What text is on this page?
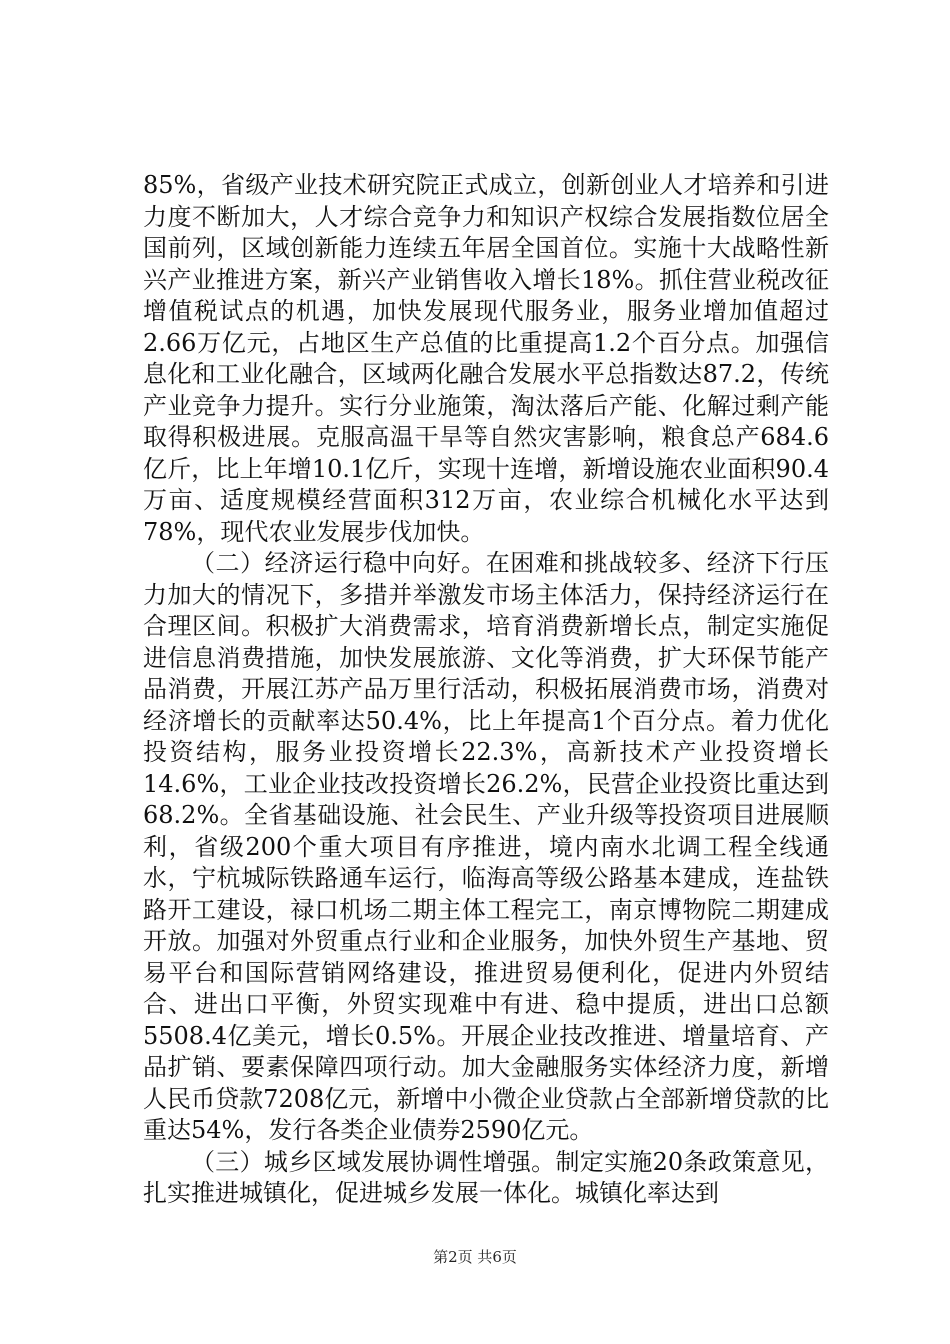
85%，省级产业技术研究院正式成立，创新创业人才培养和引进力度不断加大，人才综合竞争力和知识产权综合发展指数位居全国前列，区域创新能力连续五年居全国首位。实施十大战略性新兴产业推进方案，新兴产业销售收入增长18%。抓住营业税改征增值税试点的机遇，加快发展现代服务业，服务业增加值超过2.66万亿元，占地区生产总值的比重提高1.2个百分点。加强信息化和工业化融合，区域两化融合发展水平总指数达87.2，传统产业竞争力提升。实行分业施策，淘汰落后产能、化解过剩产能取得积极进展。克服高温干旱等自然灾害影响，粮食总产684.6亿斤，比上年增10.1亿斤，实现十连增，新增设施农业面积90.4万亩、适度规模经营面积312万亩，农业综合机械化水平达到78%，现代农业发展步伐加快。

（二）经济运行稳中向好。在困难和挑战较多、经济下行压力加大的情况下，多措并举激发市场主体活力，保持经济运行在合理区间。积极扩大消费需求，培育消费新增长点，制定实施促进信息消费措施，加快发展旅游、文化等消费，扩大环保节能产品消费，开展江苏产品万里行活动，积极拓展消费市场，消费对经济增长的贡献率达50.4%，比上年提高1个百分点。着力优化投资结构，服务业投资增长22.3%，高新技术产业投资增长14.6%，工业企业技改投资增长26.2%，民营企业投资比重达到68.2%。全省基础设施、社会民生、产业升级等投资项目进展顺利，省级200个重大项目有序推进，境内南水北调工程全线通水，宁杭城际铁路通车运行，临海高等级公路基本建成，连盐铁路开工建设，禄口机场二期主体工程完工，南京博物院二期建成开放。加强对外贸重点行业和企业服务，加快外贸生产基地、贸易平台和国际营销网络建设，推进贸易便利化，促进内外贸结合、进出口平衡，外贸实现难中有进、稳中提质，进出口总额5508.4亿美元，增长0.5%。开展企业技改推进、增量培育、产品扩销、要素保障四项行动。加大金融服务实体经济力度，新增人民币贷款7208亿元，新增中小微企业贷款占全部新增贷款的比重达54%，发行各类企业债券2590亿元。

（三）城乡区域发展协调性增强。制定实施20条政策意见，扎实推进城镇化，促进城乡发展一体化。城镇化率达到

第2页 共6页
